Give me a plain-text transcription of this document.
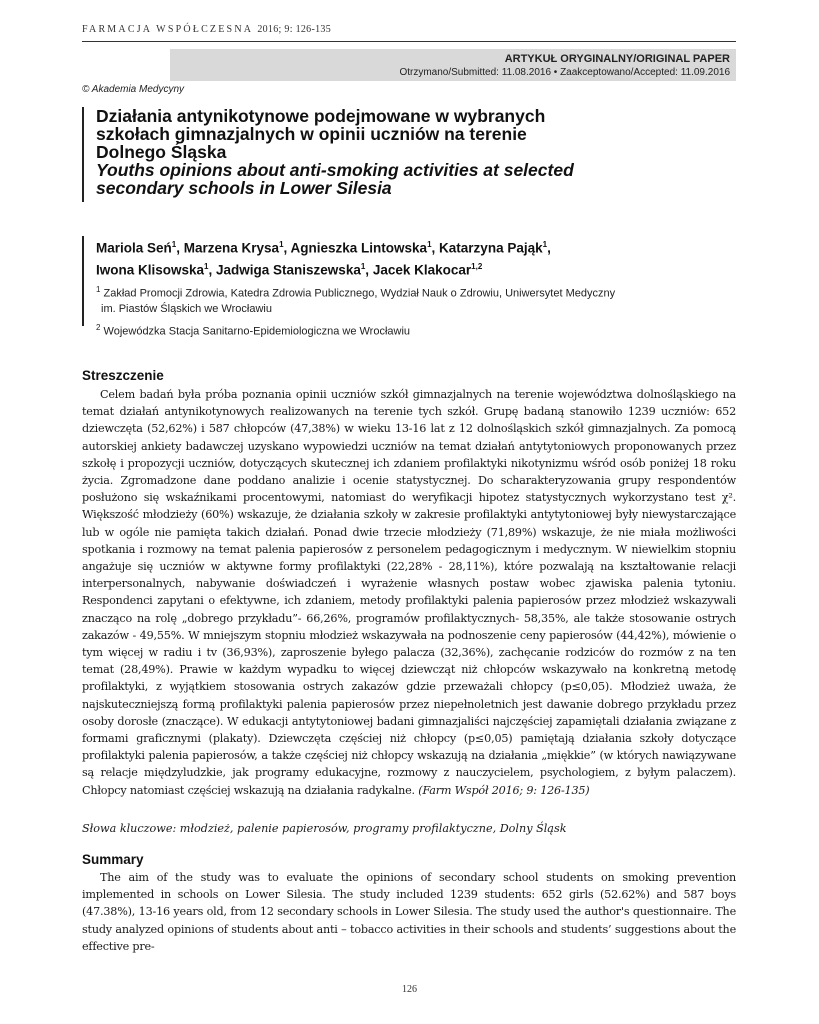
FARMACJA WSPÓŁCZESNA 2016; 9: 126-135
ARTYKUŁ ORYGINALNY/ORIGINAL PAPER
Otrzymano/Submitted: 11.08.2016 • Zaakceptowano/Accepted: 11.09.2016
© Akademia Medycyny
Działania antynikotynowe podejmowane w wybranych
szkołach gimnazjalnych w opinii uczniów na terenie
Dolnego Śląska
Youths opinions about anti-smoking activities at selected
secondary schools in Lower Silesia
Mariola Seń$^1$, Marzena Krysa$^1$, Agnieszka Lintowska$^1$, Katarzyna Pająk$^1$,
Iwona Klisowska$^1$, Jadwiga Staniszewska$^1$, Jacek Klakocar$^{1,2}$
$^1$ Zakład Promocji Zdrowia, Katedra Zdrowia Publicznego, Wydział Nauk o Zdrowiu, Uniwersytet Medyczny
im. Piastów Śląskich we Wrocławiu
$^2$ Wojewódzka Stacja Sanitarno-Epidemiologiczna we Wrocławiu
Streszczenie
Celem badań była próba poznania opinii uczniów szkół gimnazjalnych na terenie województwa dolnośląskiego na temat działań antynikotynowych realizowanych na terenie tych szkół. Grupę badaną stanowiło 1239 uczniów: 652 dziewczęta (52,62%) i 587 chłopców (47,38%) w wieku 13-16 lat z 12 dolnośląskich szkół gimnazjalnych. Za pomocą autorskiej ankiety badawczej uzyskano wypowiedzi uczniów na temat działań antytytoniowych proponowanych przez szkołę i propozycji uczniów, dotyczących skutecznej ich zdaniem profilaktyki nikotynizmu wśród osób poniżej 18 roku życia. Zgromadzone dane poddano analizie i ocenie statystycznej. Do scharakteryzowania grupy respondentów posłużono się wskaźnikami procentowymi, natomiast do weryfikacji hipotez statystycznych wykorzystano test χ². Większość młodzieży (60%) wskazuje, że działania szkoły w zakresie profilaktyki antytytoniowej były niewystarczające lub w ogóle nie pamięta takich działań. Ponad dwie trzecie młodzieży (71,89%) wskazuje, że nie miała możliwości spotkania i rozmowy na temat palenia papierosów z personelem pedagogicznym i medycznym. W niewielkim stopniu angażuje się uczniów w aktywne formy profilaktyki (22,28% - 28,11%), które pozwalają na kształtowanie relacji interpersonalnych, nabywanie doświadczeń i wyrażenie własnych postaw wobec zjawiska palenia tytoniu. Respondenci zapytani o efektywne, ich zdaniem, metody profilaktyki palenia papierosów przez młodzież wskazywali znacząco na rolę „dobregο przykładu”- 66,26%, programów profilaktycznych- 58,35%, ale także stosowanie ostrych zakazów - 49,55%. W mniejszym stopniu młodzież wskazywała na podnoszenie ceny papierosów (44,42%), mówienie o tym więcej w radiu i tv (36,93%), zaproszenie byłego palacza (32,36%), zachęcanie rodziców do rozmów z na ten temat (28,49%). Prawie w każdym wypadku to więcej dziewcząt niż chłopców wskazywało na konkretną metodę profilaktyki, z wyjątkiem stosowania ostrych zakazów gdzie przeważali chłopcy (p≤0,05). Młodzież uważa, że najskuteczniejszą formą profilaktyki palenia papierosów przez niepełnoletnich jest dawanie dobrego przykładu przez osoby dorosłe (znaczące). W edukacji antytytoniowej badani gimnazjaliści najczęściej zapamiętali działania związane z formami graficznymi (plakaty). Dziewczęta częściej niż chłopcy (p≤0,05) pamiętają działania szkoły dotyczące profilaktyki palenia papierosów, a także częściej niż chłopcy wskazują na działania „miękkie” (w których nawiązywane są relacje międzyludzkie, jak programy edukacyjne, rozmowy z nauczycielem, psychologiem, z byłym palaczem). Chłopcy natomiast częściej wskazują na działania radykalne. (Farm Współ 2016; 9: 126-135)
Słowa kluczowe: młodzież, palenie papierosów, programy profilaktyczne, Dolny Śląsk
Summary
The aim of the study was to evaluate the opinions of secondary school students on smoking prevention implemented in schools on Lower Silesia. The study included 1239 students: 652 girls (52.62%) and 587 boys (47.38%), 13-16 years old, from 12 secondary schools in Lower Silesia. The study used the author's questionnaire. The study analyzed opinions of students about anti – tobacco activities in their schools and students’ suggestions about the effective pre-
126
